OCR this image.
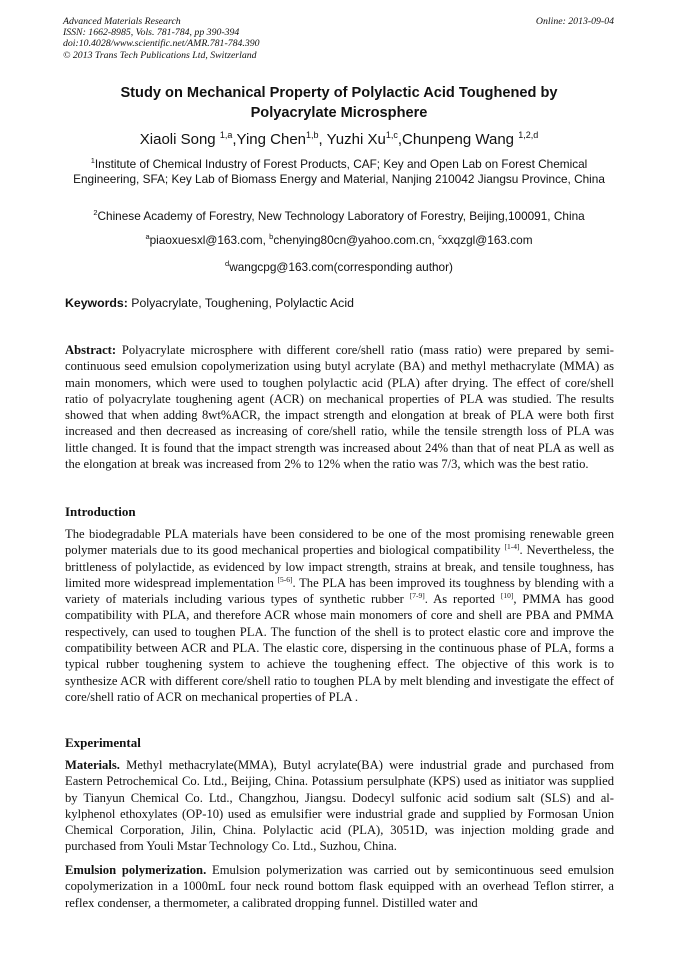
Advanced Materials Research
ISSN: 1662-8985, Vols. 781-784, pp 390-394
doi:10.4028/www.scientific.net/AMR.781-784.390
© 2013 Trans Tech Publications Ltd, Switzerland
Online: 2013-09-04
Study on Mechanical Property of Polylactic Acid Toughened by
Polyacrylate Microsphere
Xiaoli Song $^{1,a}$,Ying Chen$^{1,b}$, Yuzhi Xu$^{1,c}$,Chunpeng Wang $^{1,2,d}$
$^1$Institute of Chemical Industry of Forest Products, CAF; Key and Open Lab on Forest Chemical Engineering, SFA; Key Lab of Biomass Energy and Material, Nanjing 210042 Jiangsu Province, China
$^2$Chinese Academy of Forestry, New Technology Laboratory of Forestry, Beijing,100091, China
$^a$piaoxuesxl@163.com, $^b$chenying80cn@yahoo.com.cn, $^c$xxqzgl@163.com
$^d$wangcpg@163.com(corresponding author)
Keywords: Polyacrylate, Toughening, Polylactic Acid

Abstract: Polyacrylate microsphere with different core/shell ratio (mass ratio) were prepared by semi-continuous seed emulsion copolymerization using butyl acrylate (BA) and methyl methacrylate (MMA) as main monomers, which were used to toughen polylactic acid (PLA) after drying. The effect of core/shell ratio of polyacrylate toughening agent (ACR) on mechanical properties of PLA was studied. The results showed that when adding 8wt%ACR, the impact strength and elongation at break of PLA were both first increased and then decreased as increasing of core/shell ratio, while the tensile strength loss of PLA was little changed. It is found that the impact strength was increased about 24% than that of neat PLA as well as the elongation at break was increased from 2% to 12% when the ratio was 7/3, which was the best ratio.

Introduction

The biodegradable PLA materials have been considered to be one of the most promising renewable green polymer materials due to its good mechanical properties and biological compatibility [1-4]. Nevertheless, the brittleness of polylactide, as evidenced by low impact strength, strains at break, and tensile toughness, has limited more widespread implementation [5-6]. The PLA has been improved its toughness by blending with a variety of materials including various types of synthetic rubber [7-9]. As reported [10], PMMA has good compatibility with PLA, and therefore ACR whose main monomers of core and shell are PBA and PMMA respectively, can used to toughen PLA. The function of the shell is to protect elastic core and improve the compatibility between ACR and PLA. The elastic core, dispersing in the continuous phase of PLA, forms a typical rubber toughening system to achieve the toughening effect. The objective of this work is to synthesize ACR with different core/shell ratio to toughen PLA by melt blending and investigate the effect of core/shell ratio of ACR on mechanical properties of PLA .

Experimental

Materials. Methyl methacrylate(MMA), Butyl acrylate(BA) were industrial grade and purchased from Eastern Petrochemical Co. Ltd., Beijing, China. Potassium persulphate (KPS) used as initiator was supplied by Tianyun Chemical Co. Ltd., Changzhou, Jiangsu. Dodecyl sulfonic acid sodium salt (SLS) and al- kylphenol ethoxylates (OP-10) used as emulsifier were industrial grade and supplied by Formosan Union Chemical Corporation, Jilin, China. Polylactic acid (PLA), 3051D, was injection molding grade and purchased from Youli Mstar Technology Co. Ltd., Suzhou, China.

Emulsion polymerization. Emulsion polymerization was carried out by semicontinuous seed emulsion copolymerization in a 1000mL four neck round bottom flask equipped with an overhead Teflon stirrer, a reflex condenser, a thermometer, a calibrated dropping funnel. Distilled water and
